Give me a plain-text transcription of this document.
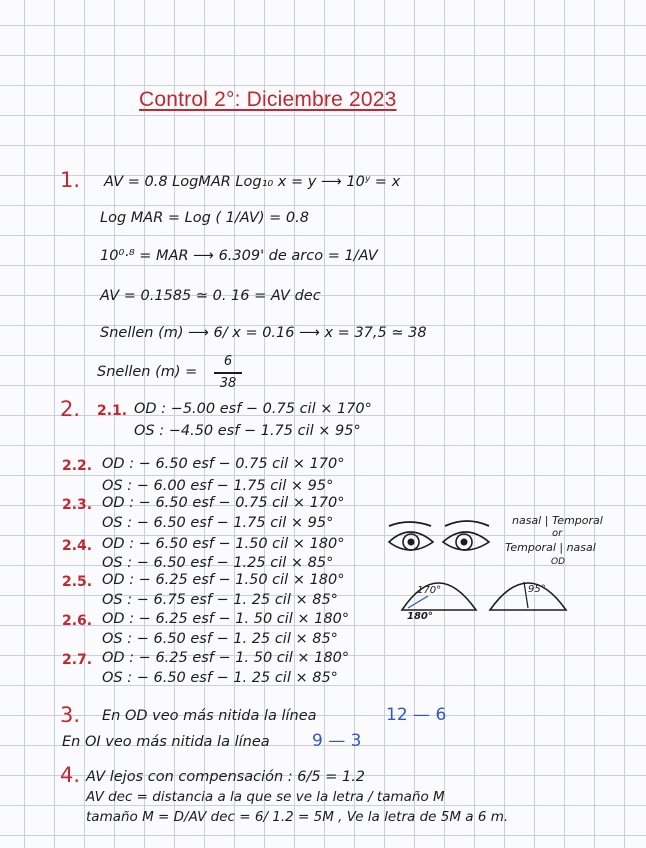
Control 2°: Diciembre 2023
1. AV = 0.8 LogMAR Log₁₀ x = y ⟶ 10ʸ = x
Log MAR = Log ( 1/AV) = 0.8
10⁰·⁸ = MAR ⟶ 6.309' de arco = 1/AV
AV = 0.1585 ≃ 0. 16 = AV dec
Snellen (m) ⟶ 6/ x = 0.16 ⟶ x = 37,5 ≃ 38
Snellen (m) =
6
38
2. 2.1. OD : −5.00 esf − 0.75 cil × 170°
OS : −4.50 esf − 1.75 cil × 95°
2.2. OD : − 6.50 esf − 0.75 cil × 170°
OS : − 6.00 esf − 1.75 cil × 95°
2.3. OD : − 6.50 esf − 0.75 cil × 170°
OS : − 6.50 esf − 1.75 cil × 95°
2.4. OD : − 6.50 esf − 1.50 cil × 180°
OS : − 6.50 esf − 1.25 cil × 85°
2.5. OD : − 6.25 esf − 1.50 cil × 180°
OS : − 6.75 esf − 1. 25 cil × 85°
2.6. OD : − 6.25 esf − 1. 50 cil × 180°
OS : − 6.50 esf − 1. 25 cil × 85°
2.7. OD : − 6.25 esf − 1. 50 cil × 180°
OS : − 6.50 esf − 1. 25 cil × 85°
nasal | Temporal
or
Temporal | nasal
OD
170°
180°
95°
3. En OD veo más nitida la línea	12 — 6
En OI veo más nitida la línea 9 — 3
4. AV lejos con compensación : 6/5 = 1.2
AV dec = distancia a la que se ve la letra / tamaño M
tamaño M = D/AV dec = 6/ 1.2 = 5M , Ve la letra de 5M a 6 m.
